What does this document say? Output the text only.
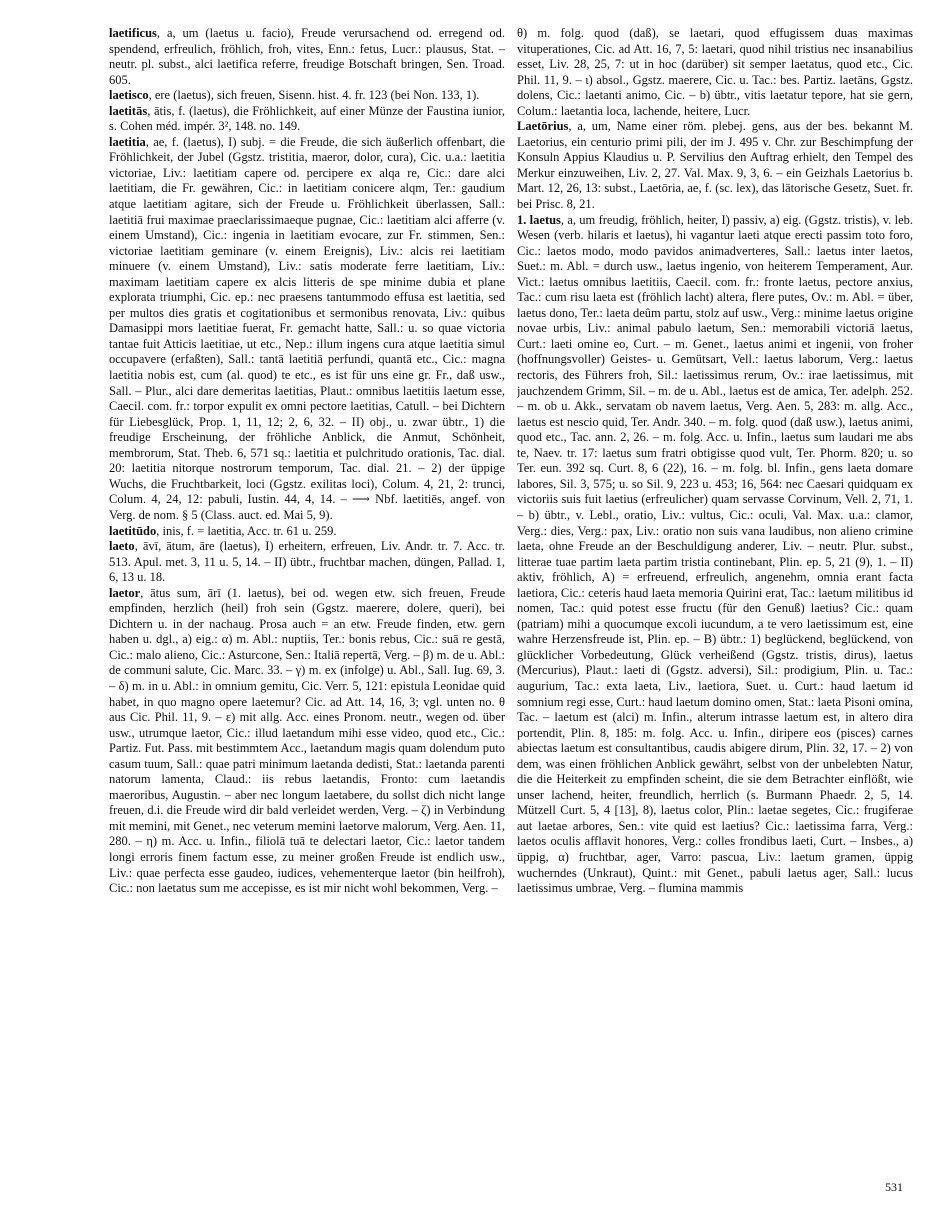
laetificus, a, um (laetus u. facio), Freude verursachend od. erregend od. spendend, erfreulich, fröhlich, froh, vites, Enn.: fetus, Lucr.: plausus, Stat. – neutr. pl. subst., alci laetifica referre, freudige Botschaft bringen, Sen. Troad. 605.

laetisco, ere (laetus), sich freuen, Sisenn. hist. 4. fr. 123 (bei Non. 133, 1).

laetitās, ātis, f. (laetus), die Fröhlichkeit, auf einer Münze der Faustina iunior, s. Cohen méd. impér. 3², 148. no. 149.

laetitia, ae, f. (laetus), I) subj. = die Freude, die sich äußerlich offenbart, die Fröhlichkeit, der Jubel (Ggstz. tristitia, maeror, dolor, cura), Cic. u.a.: laetitia victoriae, Liv.: laetitiam capere od. percipere ex alqa re, Cic.: dare alci laetitiam, die Fr. gewähren, Cic.: in laetitiam conicere alqm, Ter.: gaudium atque laetitiam agitare, sich der Freude u. Fröhlichkeit überlassen, Sall.: laetitiā frui maximae praeclarissimaeque pugnae, Cic.: laetitiam alci afferre (v. einem Umstand), Cic.: ingenia in laetitiam evocare, zur Fr. stimmen, Sen.: victoriae laetitiam geminare (v. einem Ereignis), Liv.: alcis rei laetitiam minuere (v. einem Umstand), Liv.: satis moderate ferre laetitiam, Liv.: maximam laetitiam capere ex alcis litteris de spe minime dubia et plane explorata triumphi, Cic. ep.: nec praesens tantummodo effusa est laetitia, sed per multos dies gratis et cogitationibus et sermonibus renovata, Liv.: quibus Damasippi mors laetitiae fuerat, Fr. gemacht hatte, Sall.: u. so quae victoria tantae fuit Atticis laetitiae, ut etc., Nep.: illum ingens cura atque laetitia simul occupavere (erfaßten), Sall.: tantā laetitiā perfundi, quantā etc., Cic.: magna laetitia nobis est, cum (al. quod) te etc., es ist für uns eine gr. Fr., daß usw., Sall. – Plur., alci dare demeritas laetitias, Plaut.: omnibus laetitiis laetum esse, Caecil. com. fr.: torpor expulit ex omni pectore laetitias, Catull. – bei Dichtern für Liebesglück, Prop. 1, 11, 12; 2, 6, 32. – II) obj., u. zwar übtr., 1) die freudige Erscheinung, der fröhliche Anblick, die Anmut, Schönheit, membrorum, Stat. Theb. 6, 571 sq.: laetitia et pulchritudo orationis, Tac. dial. 20: laetitia nitorque nostrorum temporum, Tac. dial. 21. – 2) der üppige Wuchs, die Fruchtbarkeit, loci (Ggstz. exilitas loci), Colum. 4, 21, 2: trunci, Colum. 4, 24, 12: pabuli, Iustin. 44, 4, 14. – ⟶ Nbf. laetitiēs, angef. von Verg. de nom. § 5 (Class. auct. ed. Mai 5, 9).

laetitūdo, inis, f. = laetitia, Acc. tr. 61 u. 259.

laeto, āvī, ātum, āre (laetus), I) erheitern, erfreuen, Liv. Andr. tr. 7. Acc. tr. 513. Apul. met. 3, 11 u. 5, 14. – II) übtr., fruchtbar machen, düngen, Pallad. 1, 6, 13 u. 18.

laetor, ātus sum, ārī (1. laetus), bei od. wegen etw. sich freuen, Freude empfinden, herzlich (heil) froh sein (Ggstz. maerere, dolere, queri), bei Dichtern u. in der nachaug. Prosa auch = an etw. Freude finden, etw. gern haben u. dgl., a) eig.: α) m. Abl.: nuptiis, Ter.: bonis rebus, Cic.: suā re gestā, Cic.: malo alieno, Cic.: Asturcone, Sen.: Italiā repertā, Verg. – β) m. de u. Abl.: de communi salute, Cic. Marc. 33. – γ) m. ex (infolge) u. Abl., Sall. Iug. 69, 3. – δ) m. in u. Abl.: in omnium gemitu, Cic. Verr. 5, 121: epistula Leonidae quid habet, in quo magno opere laetemur? Cic. ad Att. 14, 16, 3; vgl. unten no. θ aus Cic. Phil. 11, 9. – ε) mit allg. Acc. eines Pronom. neutr., wegen od. über usw., utrumque laetor, Cic.: illud laetandum mihi esse video, quod etc., Cic.: Partiz. Fut. Pass. mit bestimmtem Acc., laetandum magis quam dolendum puto casum tuum, Sall.: quae patri minimum laetanda dedisti, Stat.: laetanda parenti natorum lamenta, Claud.: iis rebus laetandis, Fronto: cum laetandis maeroribus, Augustin. – aber nec longum laetabere, du sollst dich nicht lange freuen, d.i. die Freude wird dir bald verleidet werden, Verg. – ζ) in Verbindung mit memini, mit Genet., nec veterum memini laetorve malorum, Verg. Aen. 11, 280. – η) m. Acc. u. Infin., filiolā tuā te delectari laetor, Cic.: laetor tandem longi erroris finem factum esse, zu meiner großen Freude ist endlich usw., Liv.: quae perfecta esse gaudeo, iudices, vehementerque laetor (bin heilfroh), Cic.: non laetatus sum me accepisse, es ist mir nicht wohl bekommen, Verg. –

θ) m. folg. quod (daß), se laetari, quod effugissem duas maximas vituperationes, Cic. ad Att. 16, 7, 5: laetari, quod nihil tristius nec insanabilius esset, Liv. 28, 25, 7: ut in hoc (darüber) sit semper laetatus, quod etc., Cic. Phil. 11, 9. – ι) absol., Ggstz. maerere, Cic. u. Tac.: bes. Partiz. laetāns, Ggstz. dolens, Cic.: laetanti animo, Cic. – b) übtr., vitis laetatur tepore, hat sie gern, Colum.: laetantia loca, lachende, heitere, Lucr.

Laetōrius, a, um, Name einer röm. plebej. gens, aus der bes. bekannt M. Laetorius, ein centurio primi pili, der im J. 495 v. Chr. zur Beschimpfung der Konsuln Appius Klaudius u. P. Servilius den Auftrag erhielt, den Tempel des Merkur einzuweihen, Liv. 2, 27. Val. Max. 9, 3, 6. – ein Geizhals Laetorius b. Mart. 12, 26, 13: subst., Laetōria, ae, f. (sc. lex), das lätorische Gesetz, Suet. fr. bei Prisc. 8, 21.

1. laetus, a, um freudig, fröhlich, heiter, I) passiv, a) eig. (Ggstz. tristis), v. leb. Wesen (verb. hilaris et laetus), hi vagantur laeti atque erecti passim toto foro, Cic.: laetos modo, modo pavidos animadverteres, Sall.: laetus inter laetos, Suet.: m. Abl. = durch usw., laetus ingenio, von heiterem Temperament, Aur. Vict.: laetus omnibus laetitiis, Caecil. com. fr.: fronte laetus, pectore anxius, Tac.: cum risu laeta est (fröhlich lacht) altera, flere putes, Ov.: m. Abl. = über, laetus dono, Ter.: laeta deûm partu, stolz auf usw., Verg.: minime laetus origine novae urbis, Liv.: animal pabulo laetum, Sen.: memorabili victoriā laetus, Curt.: laeti omine eo, Curt. – m. Genet., laetus animi et ingenii, von froher (hoffnungsvoller) Geistes- u. Gemütsart, Vell.: laetus laborum, Verg.: laetus rectoris, des Führers froh, Sil.: laetissimus rerum, Ov.: irae laetissimus, mit jauchzendem Grimm, Sil. – m. de u. Abl., laetus est de amica, Ter. adelph. 252. – m. ob u. Akk., servatam ob navem laetus, Verg. Aen. 5, 283: m. allg. Acc., laetus est nescio quid, Ter. Andr. 340. – m. folg. quod (daß usw.), laetus animi, quod etc., Tac. ann. 2, 26. – m. folg. Acc. u. Infin., laetus sum laudari me abs te, Naev. tr. 17: laetus sum fratri obtigisse quod vult, Ter. Phorm. 820; u. so Ter. eun. 392 sq. Curt. 8, 6 (22), 16. – m. folg. bl. Infin., gens laeta domare labores, Sil. 3, 575; u. so Sil. 9, 223 u. 453; 16, 564: nec Caesari quidquam ex victoriis suis fuit laetius (erfreulicher) quam servasse Corvinum, Vell. 2, 71, 1. – b) übtr., v. Lebl., oratio, Liv.: vultus, Cic.: oculi, Val. Max. u.a.: clamor, Verg.: dies, Verg.: pax, Liv.: oratio non suis vana laudibus, non alieno crimine laeta, ohne Freude an der Beschuldigung anderer, Liv. – neutr. Plur. subst., litterae tuae partim laeta partim tristia continebant, Plin. ep. 5, 21 (9), 1. – II) aktiv, fröhlich, A) = erfreuend, erfreulich, angenehm, omnia erant facta laetiora, Cic.: ceteris haud laeta memoria Quirini erat, Tac.: laetum militibus id nomen, Tac.: quid potest esse fructu (für den Genuß) laetius? Cic.: quam (patriam) mihi a quocumque excoli iucundum, a te vero laetissimum est, eine wahre Herzensfreude ist, Plin. ep. – B) übtr.: 1) beglückend, beglückend, von glücklicher Vorbedeutung, Glück verheißend (Ggstz. tristis, dirus), laetus (Mercurius), Plaut.: laeti di (Ggstz. adversi), Sil.: prodigium, Plin. u. Tac.: augurium, Tac.: exta laeta, Liv., laetiora, Suet. u. Curt.: haud laetum id somnium regi esse, Curt.: haud laetum domino omen, Stat.: laeta Pisoni omina, Tac. – laetum est (alci) m. Infin., alterum intrasse laetum est, in altero dira portendit, Plin. 8, 185: m. folg. Acc. u. Infin., diripere eos (pisces) carnes abiectas laetum est consultantibus, caudis abigere dirum, Plin. 32, 17. – 2) von dem, was einen fröhlichen Anblick gewährt, selbst von der unbelebten Natur, die die Heiterkeit zu empfinden scheint, die sie dem Betrachter einflößt, wie unser lachend, heiter, freundlich, herrlich (s. Burmann Phaedr. 2, 5, 14. Mützell Curt. 5, 4 [13], 8), laetus color, Plin.: laetae segetes, Cic.: frugiferae aut laetae arbores, Sen.: vite quid est laetius? Cic.: laetissima farra, Verg.: laetos oculis afflavit honores, Verg.: colles frondibus laeti, Curt. – Insbes., a) üppig, α) fruchtbar, ager, Varro: pascua, Liv.: laetum gramen, üppig wucherndes (Unkraut), Quint.: mit Genet., pabuli laetus ager, Sall.: lucus laetissimus umbrae, Verg. – flumina mammis

531
